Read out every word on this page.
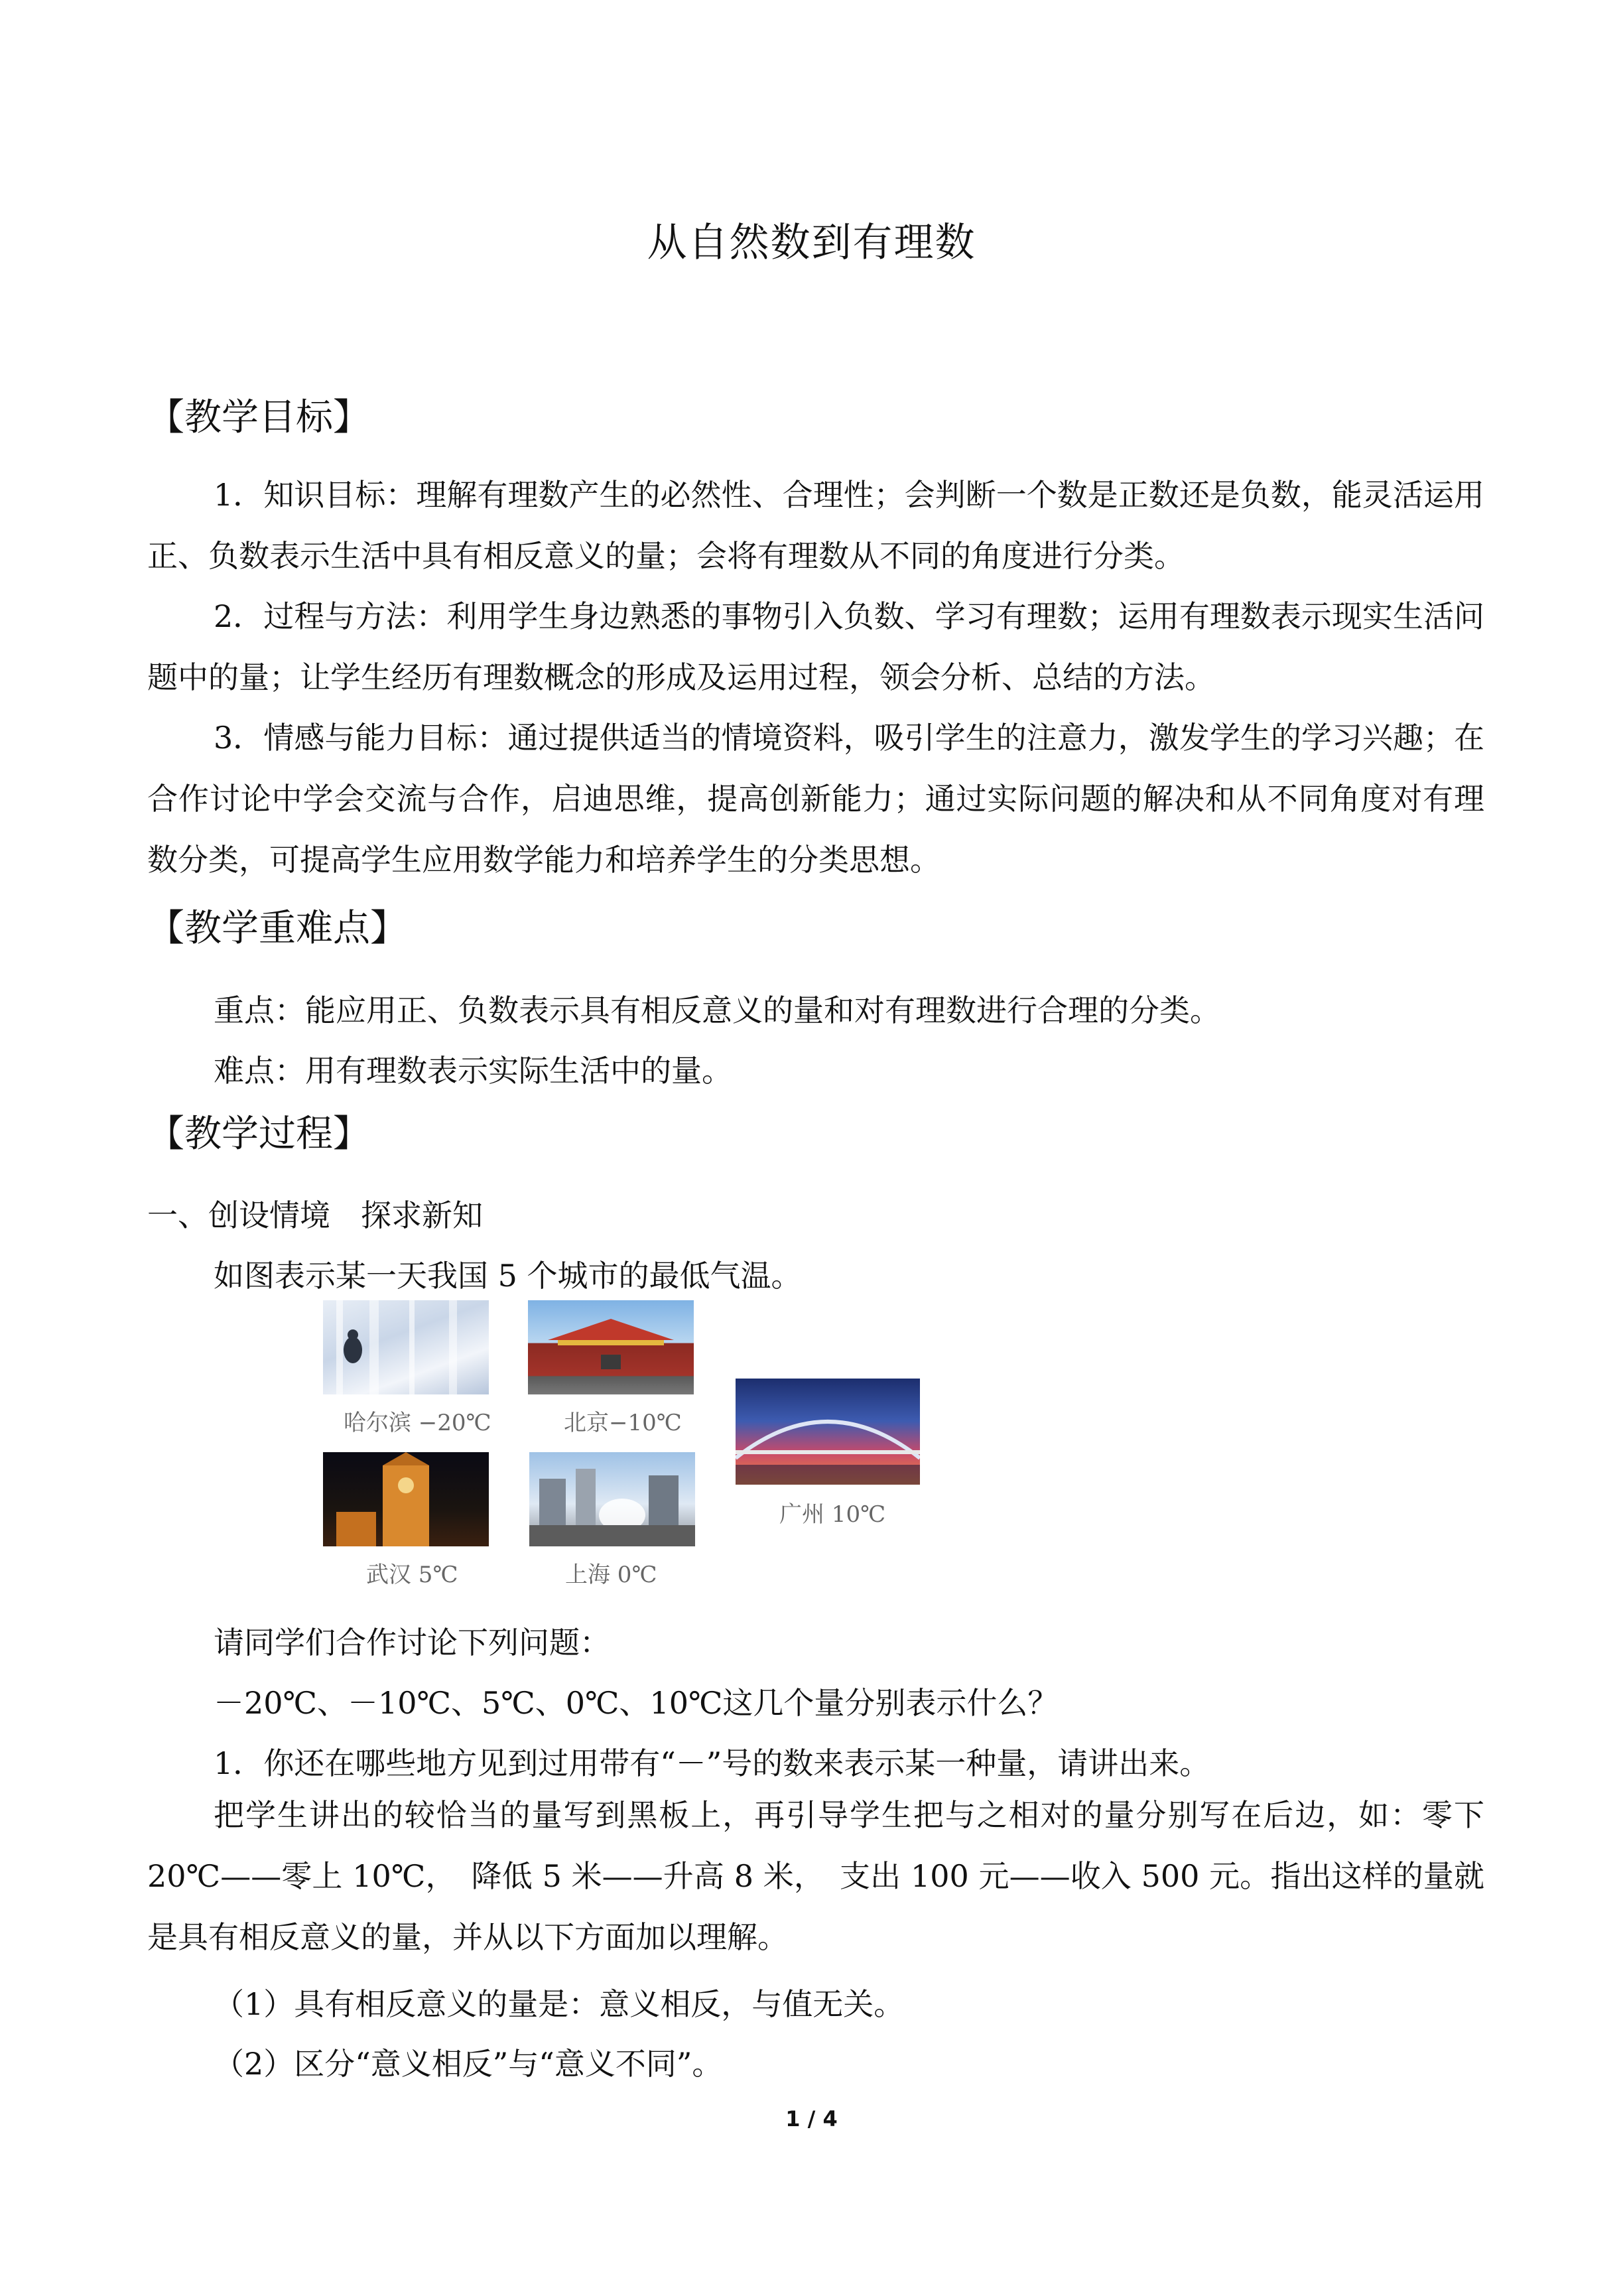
从自然数到有理数
【教学目标】
1．知识目标：理解有理数产生的必然性、合理性；会判断一个数是正数还是负数，能灵活运用正、负数表示生活中具有相反意义的量；会将有理数从不同的角度进行分类。
2．过程与方法：利用学生身边熟悉的事物引入负数、学习有理数；运用有理数表示现实生活问题中的量；让学生经历有理数概念的形成及运用过程，领会分析、总结的方法。
3．情感与能力目标：通过提供适当的情境资料，吸引学生的注意力，激发学生的学习兴趣；在合作讨论中学会交流与合作，启迪思维，提高创新能力；通过实际问题的解决和从不同角度对有理数分类，可提高学生应用数学能力和培养学生的分类思想。
【教学重难点】
重点：能应用正、负数表示具有相反意义的量和对有理数进行合理的分类。
难点：用有理数表示实际生活中的量。
【教学过程】
一、创设情境　探求新知
如图表示某一天我国 5 个城市的最低气温。
哈尔滨 −20℃	北京−10℃
广州 10℃
武汉 5℃	上海 0℃
请同学们合作讨论下列问题：
－20℃、－10℃、5℃、0℃、10℃这几个量分别表示什么？
1．你还在哪些地方见到过用带有“－”号的数来表示某一种量，请讲出来。
把学生讲出的较恰当的量写到黑板上，再引导学生把与之相对的量分别写在后边，如：零下 20℃——零上 10℃，　降低 5 米——升高 8 米，　支出 100 元——收入 500 元。指出这样的量就是具有相反意义的量，并从以下方面加以理解。
（1）具有相反意义的量是：意义相反，与值无关。
（2）区分“意义相反”与“意义不同”。
1 / 4
